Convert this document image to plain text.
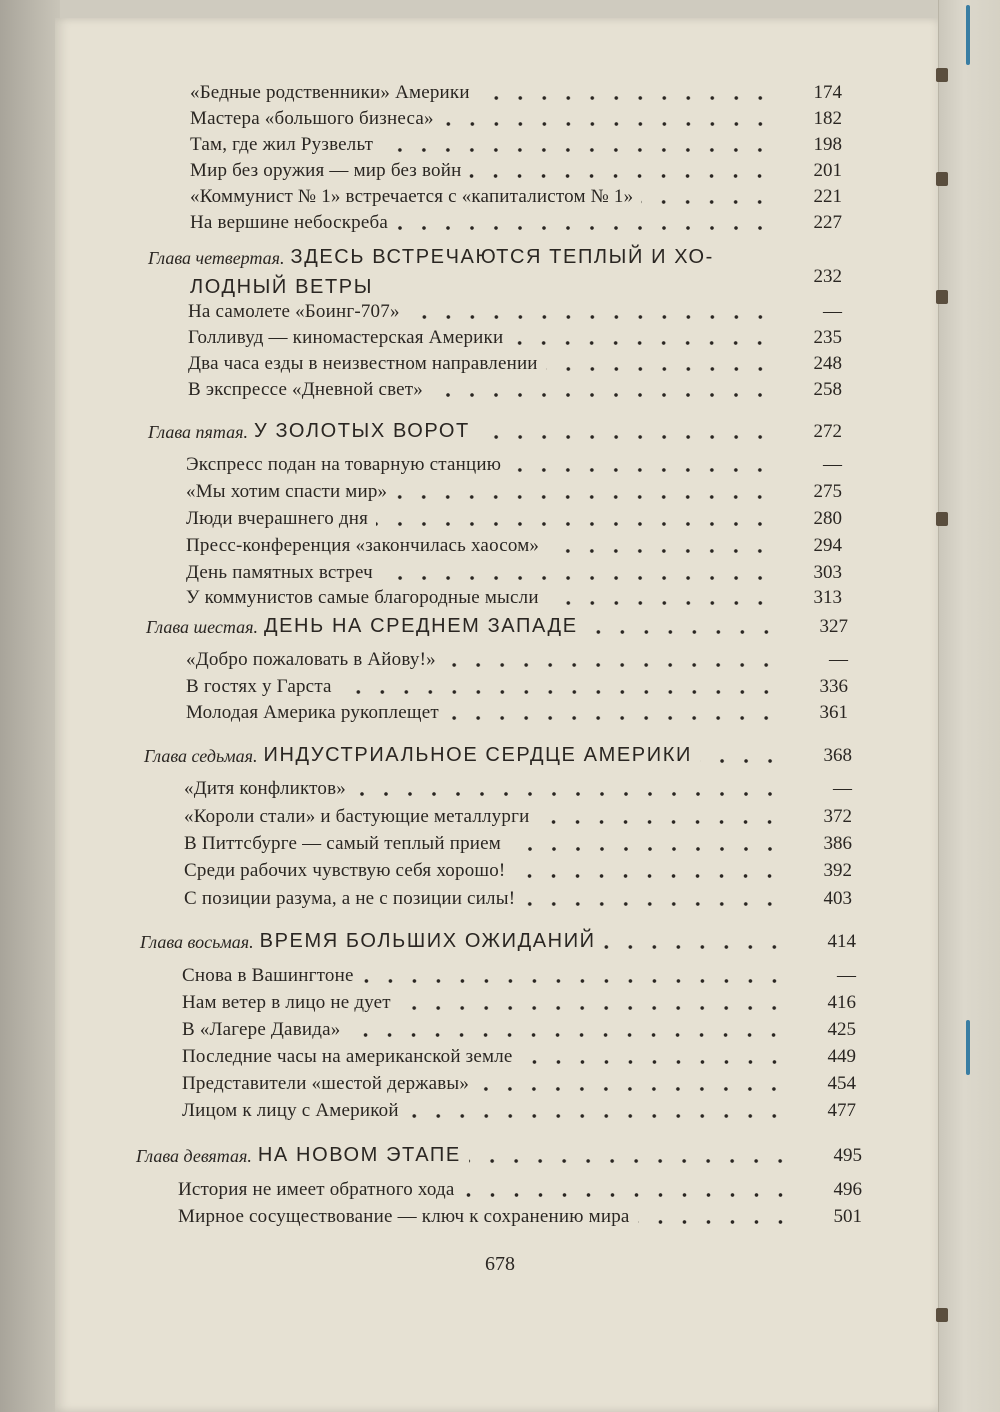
«Бедные родственники» Америки	174
Мастера «большого бизнеса»	182
Там, где жил Рузвельт	198
Мир без оружия — мир без войн	201
«Коммунист № 1» встречается с «капиталистом № 1»	221
На вершине небоскреба	227
Глава четвертая. ЗДЕСЬ ВСТРЕЧАЮТСЯ ТЕПЛЫЙ И ХО-
ЛОДНЫЙ ВЕТРЫ	232
На самолете «Боинг-707»	—
Голливуд — киномастерская Америки	235
Два часа езды в неизвестном направлении	248
В экспрессе «Дневной свет»	258
Глава пятая. У ЗОЛОТЫХ ВОРОТ	272
Экспресс подан на товарную станцию	—
«Мы хотим спасти мир»	275
Люди вчерашнего дня	280
Пресс-конференция «закончилась хаосом»	294
День памятных встреч	303
У коммунистов самые благородные мысли	313
Глава шестая. ДЕНЬ НА СРЕДНЕМ ЗАПАДЕ	327
«Добро пожаловать в Айову!»	—
В гостях у Гарста	336
Молодая Америка рукоплещет	361
Глава седьмая. ИНДУСТРИАЛЬНОЕ СЕРДЦЕ АМЕРИКИ	368
«Дитя конфликтов»	—
«Короли стали» и бастующие металлурги	372
В Питтсбурге — самый теплый прием	386
Среди рабочих чувствую себя хорошо!	392
С позиции разума, а не с позиции силы!	403
Глава восьмая. ВРЕМЯ БОЛЬШИХ ОЖИДАНИЙ	414
Снова в Вашингтоне	—
Нам ветер в лицо не дует	416
В «Лагере Давида»	425
Последние часы на американской земле	449
Представители «шестой державы»	454
Лицом к лицу с Америкой	477
Глава девятая. НА НОВОМ ЭТАПЕ	495
История не имеет обратного хода	496
Мирное сосуществование — ключ к сохранению мира	501
678
